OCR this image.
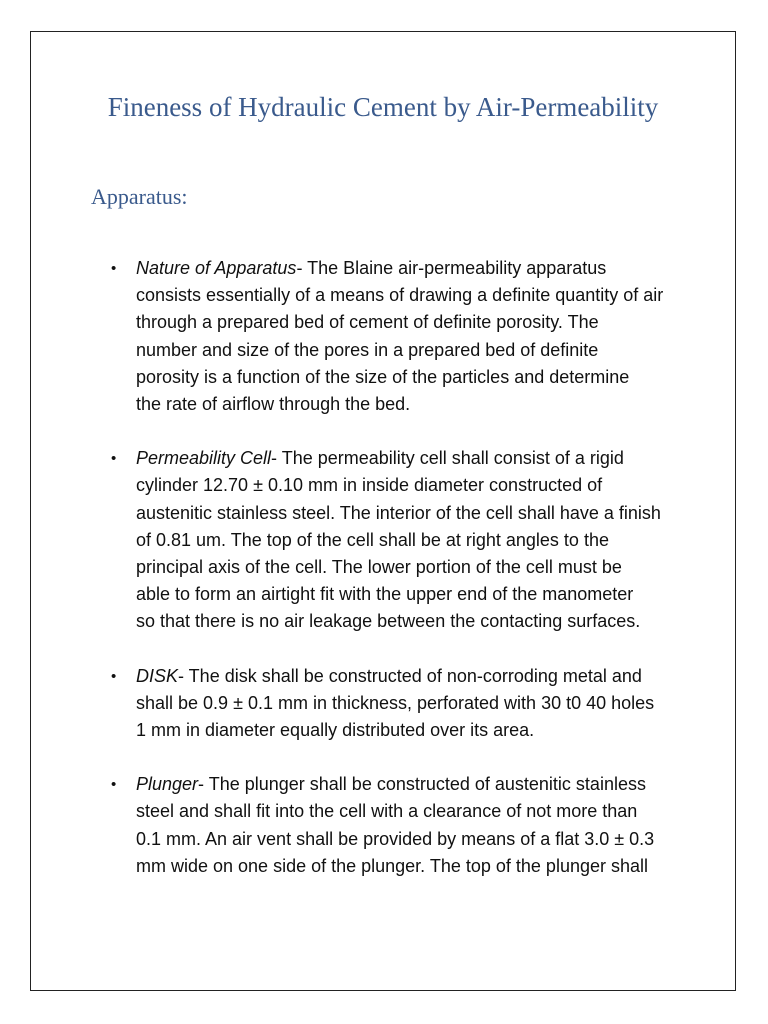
Fineness of Hydraulic Cement by Air-Permeability
Apparatus:
• Nature of Apparatus- The Blaine air-permeability apparatus
consists essentially of a means of drawing a definite quantity of air
through a prepared bed of cement of definite porosity. The
number and size of the pores in a prepared bed of definite
porosity is a function of the size of the particles and determine
the rate of airflow through the bed.
• Permeability Cell- The permeability cell shall consist of a rigid
cylinder 12.70 ± 0.10 mm in inside diameter constructed of
austenitic stainless steel. The interior of the cell shall have a finish
of 0.81 um. The top of the cell shall be at right angles to the
principal axis of the cell. The lower portion of the cell must be
able to form an airtight fit with the upper end of the manometer
so that there is no air leakage between the contacting surfaces.
• DISK- The disk shall be constructed of non-corroding metal and
shall be 0.9 ± 0.1 mm in thickness, perforated with 30 t0 40 holes
1 mm in diameter equally distributed over its area.
• Plunger- The plunger shall be constructed of austenitic stainless
steel and shall fit into the cell with a clearance of not more than
0.1 mm. An air vent shall be provided by means of a flat 3.0 ± 0.3
mm wide on one side of the plunger. The top of the plunger shall
